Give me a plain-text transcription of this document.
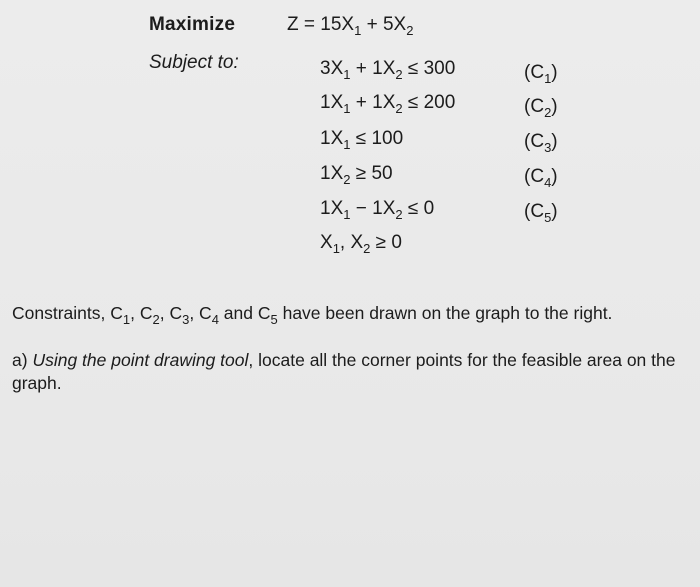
Maximize
Subject to:
$Z = 15X_1 + 5X_2$
$3X_1 + 1X_2 \le 300$	$(C_1)$
$1X_1 + 1X_2 \le 200$	$(C_2)$
$1X_1 \le 100$	$(C_3)$
$1X_2 \ge 50$	$(C_4)$
$1X_1 - 1X_2 \le 0$	$(C_5)$
$X_1$, $X_2 \ge 0$
Constraints, $C_1$, $C_2$, $C_3$, $C_4$ and $C_5$ have been drawn on the graph to the right.
a) Using the point drawing tool, locate all the corner points for the feasible area on the graph.
